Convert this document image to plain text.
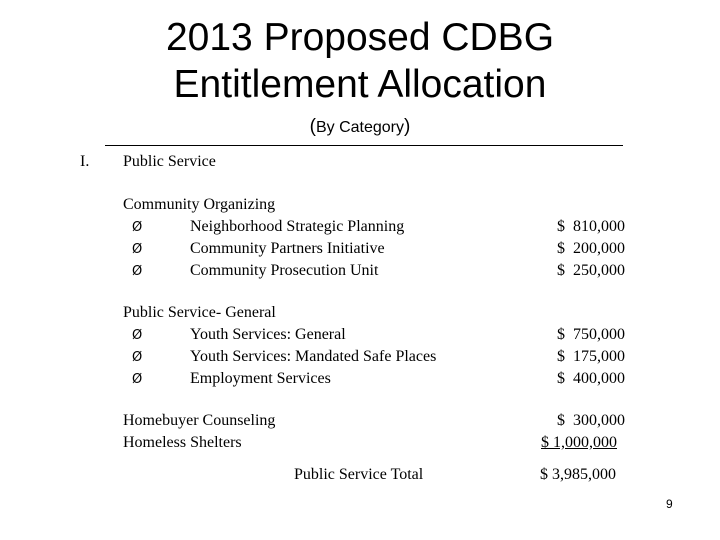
2013 Proposed CDBG
Entitlement Allocation
(By Category)
I. Public Service
Community Organizing
Ø	Neighborhood Strategic Planning	$  810,000
Ø	Community Partners Initiative	$  200,000
Ø	Community Prosecution Unit	$  250,000
Public Service- General
Ø	Youth Services: General	$  750,000
Ø	Youth Services: Mandated Safe Places	$  175,000
Ø	Employment Services	$  400,000
Homebuyer Counseling	$  300,000
Homeless Shelters	$ 1,000,000
Public Service Total	$ 3,985,000
9
